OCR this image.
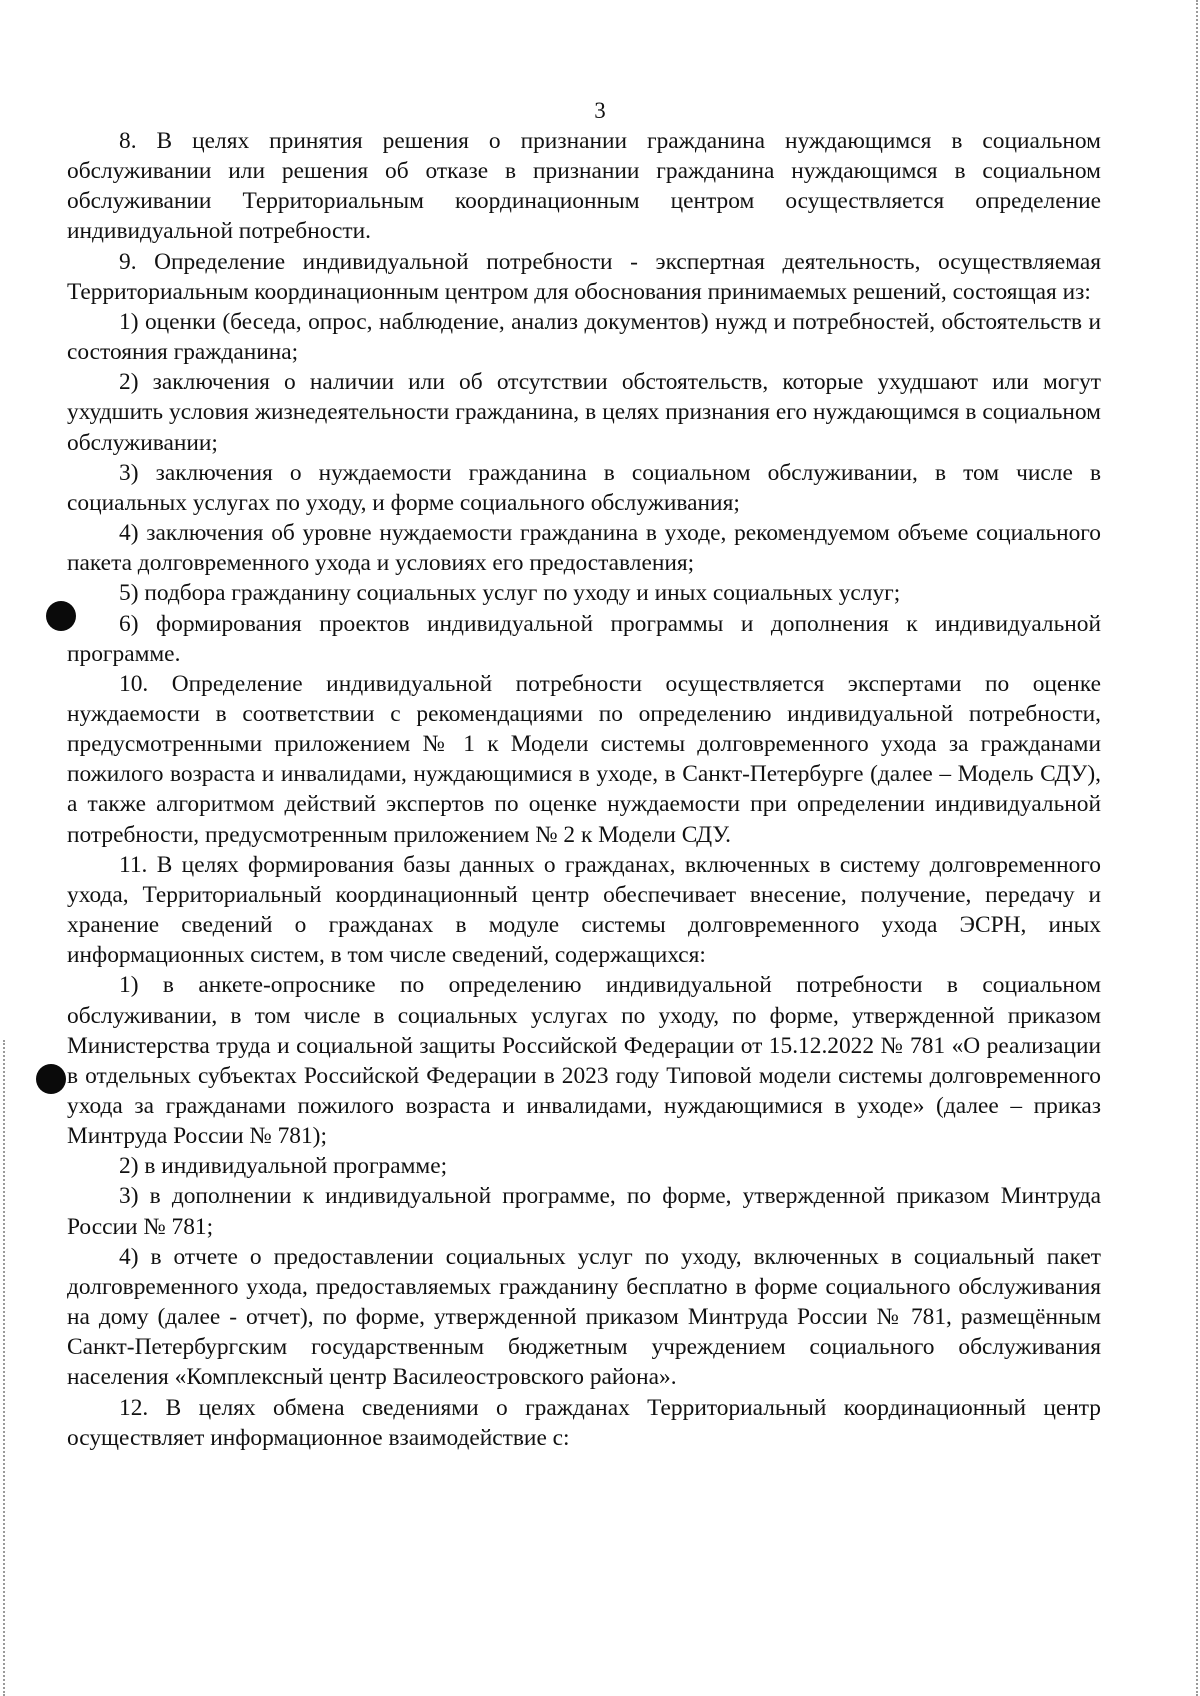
3

8. В целях принятия решения о признании гражданина нуждающимся в социальном обслуживании или решения об отказе в признании гражданина нуждающимся в социальном обслуживании Территориальным координационным центром осуществляется определение индивидуальной потребности.

9. Определение индивидуальной потребности - экспертная деятельность, осуществляемая Территориальным координационным центром для обоснования принимаемых решений, состоящая из:

1) оценки (беседа, опрос, наблюдение, анализ документов) нужд и потребностей, обстоятельств и состояния гражданина;

2) заключения о наличии или об отсутствии обстоятельств, которые ухудшают или могут ухудшить условия жизнедеятельности гражданина, в целях признания его нуждающимся в социальном обслуживании;

3) заключения о нуждаемости гражданина в социальном обслуживании, в том числе в социальных услугах по уходу, и форме социального обслуживания;

4) заключения об уровне нуждаемости гражданина в уходе, рекомендуемом объеме социального пакета долговременного ухода и условиях его предоставления;

5) подбора гражданину социальных услуг по уходу и иных социальных услуг;

6) формирования проектов индивидуальной программы и дополнения к индивидуальной программе.

10. Определение индивидуальной потребности осуществляется экспертами по оценке нуждаемости в соответствии с рекомендациями по определению индивидуальной потребности, предусмотренными приложением № 1 к Модели системы долговременного ухода за гражданами пожилого возраста и инвалидами, нуждающимися в уходе, в Санкт-Петербурге (далее – Модель СДУ), а также алгоритмом действий экспертов по оценке нуждаемости при определении индивидуальной потребности, предусмотренным приложением № 2 к Модели СДУ.

11. В целях формирования базы данных о гражданах, включенных в систему долговременного ухода, Территориальный координационный центр обеспечивает внесение, получение, передачу и хранение сведений о гражданах в модуле системы долговременного ухода ЭСРН, иных информационных систем, в том числе сведений, содержащихся:

1) в анкете-опроснике по определению индивидуальной потребности в социальном обслуживании, в том числе в социальных услугах по уходу, по форме, утвержденной приказом Министерства труда и социальной защиты Российской Федерации от 15.12.2022 № 781 «О реализации в отдельных субъектах Российской Федерации в 2023 году Типовой модели системы долговременного ухода за гражданами пожилого возраста и инвалидами, нуждающимися в уходе» (далее – приказ Минтруда России № 781);

2) в индивидуальной программе;

3) в дополнении к индивидуальной программе, по форме, утвержденной приказом Минтруда России № 781;

4) в отчете о предоставлении социальных услуг по уходу, включенных в социальный пакет долговременного ухода, предоставляемых гражданину бесплатно в форме социального обслуживания на дому (далее - отчет), по форме, утвержденной приказом Минтруда России № 781, размещённым Санкт-Петербургским государственным бюджетным учреждением социального обслуживания населения «Комплексный центр Василеостровского района».

12. В целях обмена сведениями о гражданах Территориальный координационный центр осуществляет информационное взаимодействие с:
